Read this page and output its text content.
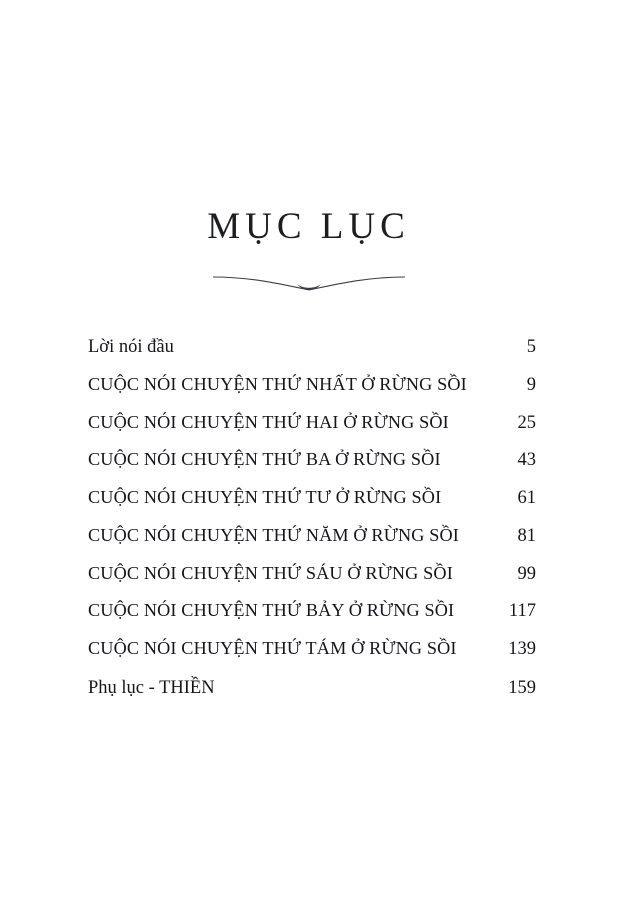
MỤC LỤC
Lời nói đầu	5
CUỘC NÓI CHUYỆN THỨ NHẤT Ở RỪNG SỒI	9
CUỘC NÓI CHUYỆN THỨ HAI Ở RỪNG SỒI	25
CUỘC NÓI CHUYỆN THỨ BA Ở RỪNG SỒI	43
CUỘC NÓI CHUYỆN THỨ TƯ Ở RỪNG SỒI	61
CUỘC NÓI CHUYỆN THỨ NĂM Ở RỪNG SỒI	81
CUỘC NÓI CHUYỆN THỨ SÁU Ở RỪNG SỒI	99
CUỘC NÓI CHUYỆN THỨ BẢY Ở RỪNG SỒI	117
CUỘC NÓI CHUYỆN THỨ TÁM Ở RỪNG SỒI	139
Phụ lục - THIỀN	159
